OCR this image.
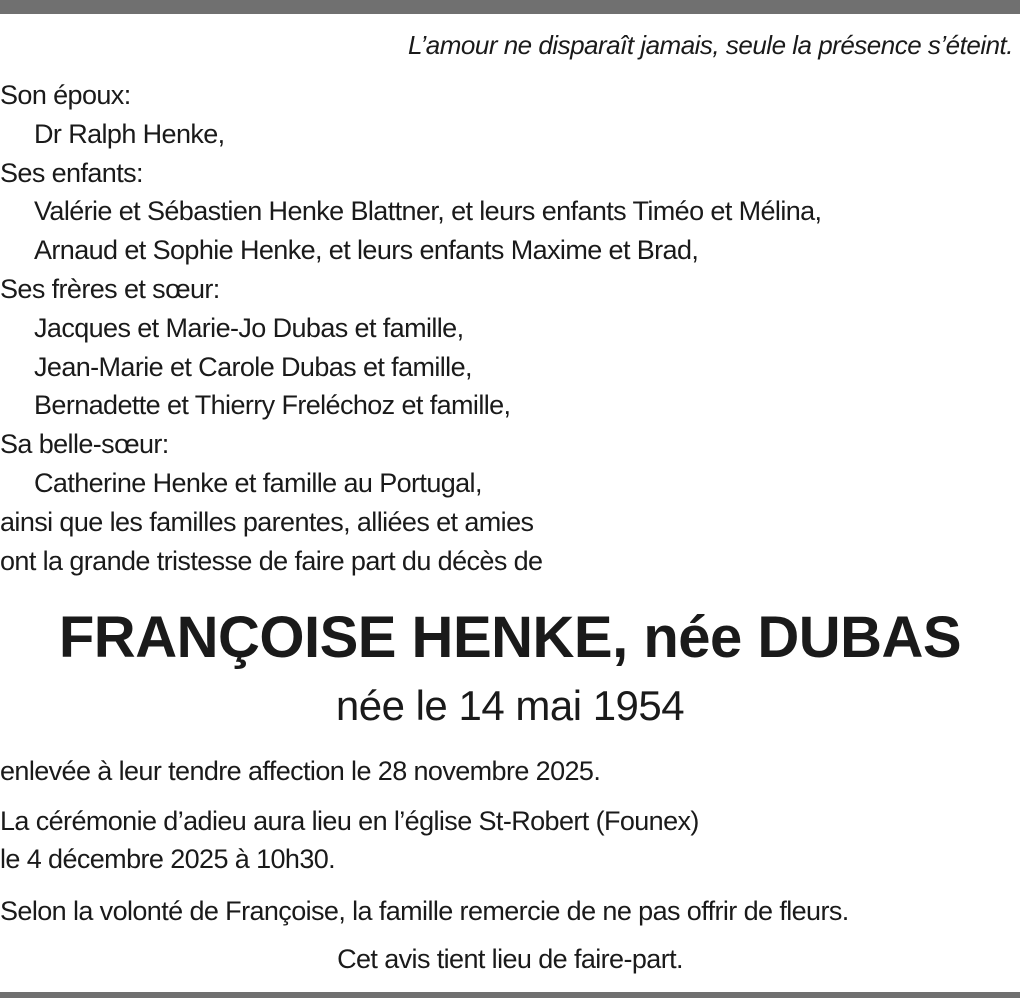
L’amour ne disparaît jamais, seule la présence s’éteint.
Son époux:
Dr Ralph Henke,
Ses enfants:
Valérie et Sébastien Henke Blattner, et leurs enfants Timéo et Mélina,
Arnaud et Sophie Henke, et leurs enfants Maxime et Brad,
Ses frères et sœur:
Jacques et Marie-Jo Dubas et famille,
Jean-Marie et Carole Dubas et famille,
Bernadette et Thierry Freléchoz et famille,
Sa belle-sœur:
Catherine Henke et famille au Portugal,
ainsi que les familles parentes, alliées et amies
ont la grande tristesse de faire part du décès de
FRANÇOISE HENKE, née DUBAS
née le 14 mai 1954
enlevée à leur tendre affection le 28 novembre 2025.
La cérémonie d’adieu aura lieu en l’église St-Robert (Founex)
le 4 décembre 2025 à 10h30.
Selon la volonté de Françoise, la famille remercie de ne pas offrir de fleurs.
Cet avis tient lieu de faire-part.
